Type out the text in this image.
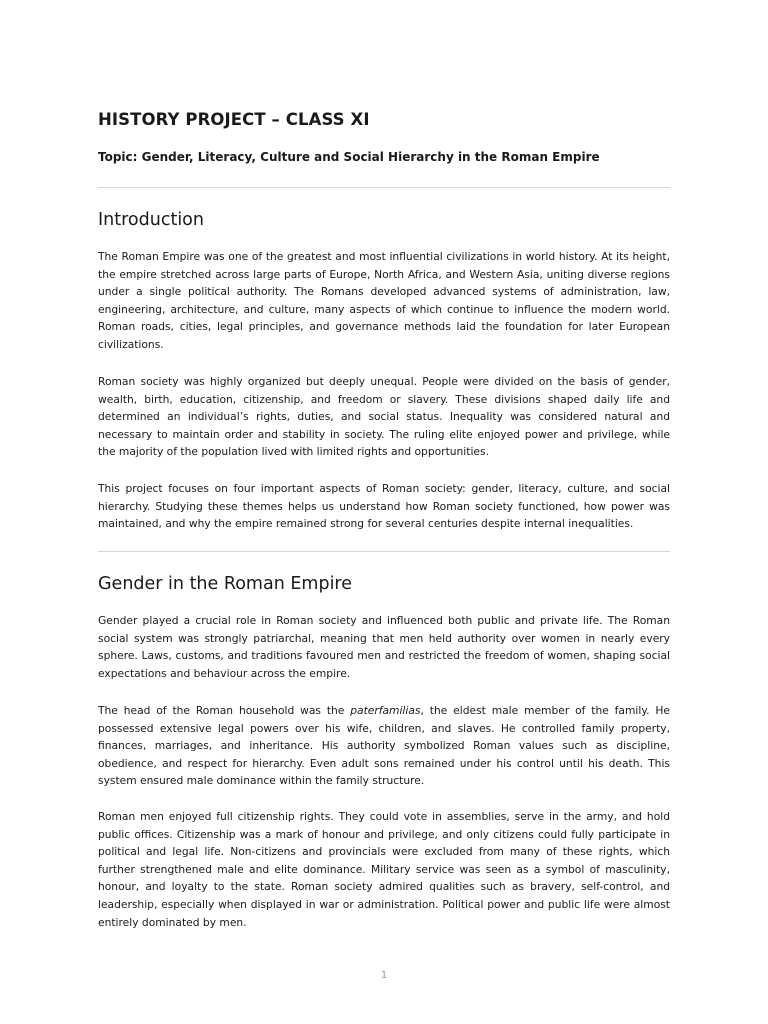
HISTORY PROJECT – CLASS XI

Topic: Gender, Literacy, Culture and Social Hierarchy in the Roman Empire

Introduction

The Roman Empire was one of the greatest and most influential civilizations in world history. At its height, the empire stretched across large parts of Europe, North Africa, and Western Asia, uniting diverse regions under a single political authority. The Romans developed advanced systems of administration, law, engineering, architecture, and culture, many aspects of which continue to influence the modern world. Roman roads, cities, legal principles, and governance methods laid the foundation for later European civilizations.

Roman society was highly organized but deeply unequal. People were divided on the basis of gender, wealth, birth, education, citizenship, and freedom or slavery. These divisions shaped daily life and determined an individual’s rights, duties, and social status. Inequality was considered natural and necessary to maintain order and stability in society. The ruling elite enjoyed power and privilege, while the majority of the population lived with limited rights and opportunities.

This project focuses on four important aspects of Roman society: gender, literacy, culture, and social hierarchy. Studying these themes helps us understand how Roman society functioned, how power was maintained, and why the empire remained strong for several centuries despite internal inequalities.

Gender in the Roman Empire

Gender played a crucial role in Roman society and influenced both public and private life. The Roman social system was strongly patriarchal, meaning that men held authority over women in nearly every sphere. Laws, customs, and traditions favoured men and restricted the freedom of women, shaping social expectations and behaviour across the empire.

The head of the Roman household was the paterfamilias, the eldest male member of the family. He possessed extensive legal powers over his wife, children, and slaves. He controlled family property, finances, marriages, and inheritance. His authority symbolized Roman values such as discipline, obedience, and respect for hierarchy. Even adult sons remained under his control until his death. This system ensured male dominance within the family structure.

Roman men enjoyed full citizenship rights. They could vote in assemblies, serve in the army, and hold public offices. Citizenship was a mark of honour and privilege, and only citizens could fully participate in political and legal life. Non-citizens and provincials were excluded from many of these rights, which further strengthened male and elite dominance. Military service was seen as a symbol of masculinity, honour, and loyalty to the state. Roman society admired qualities such as bravery, self-control, and leadership, especially when displayed in war or administration. Political power and public life were almost entirely dominated by men.

1
